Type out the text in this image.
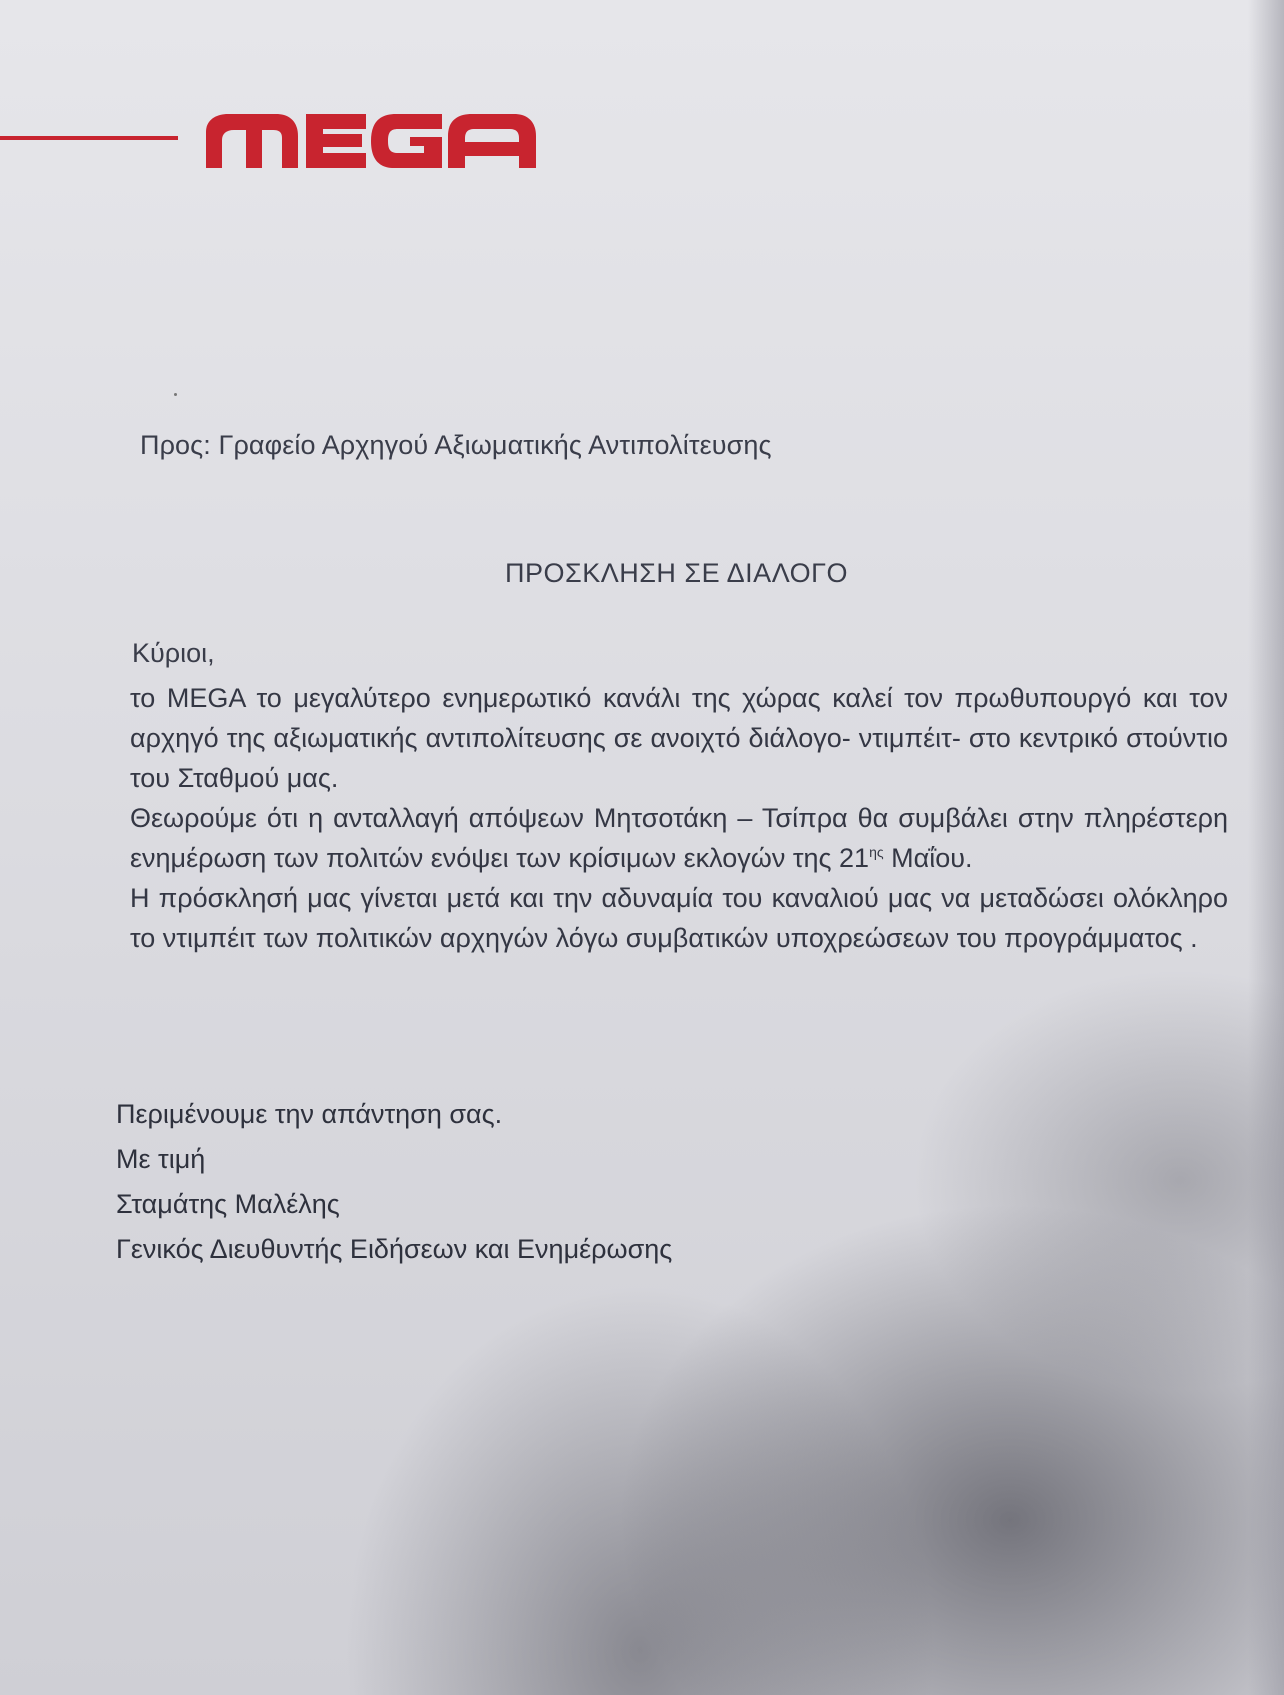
Προς: Γραφείο Αρχηγού Αξιωματικής Αντιπολίτευσης
ΠΡΟΣΚΛΗΣΗ ΣΕ ΔΙΑΛΟΓΟ
Κύριοι,

το MEGA το μεγαλύτερο ενημερωτικό κανάλι της χώρας καλεί τον πρωθυπουργό και τον αρχηγό της αξιωματικής αντιπολίτευσης σε ανοιχτό διάλογο- ντιμπέιτ- στο κεντρικό στούντιο του Σταθμού μας.

Θεωρούμε ότι η ανταλλαγή απόψεων Μητσοτάκη – Τσίπρα θα συμβάλει στην πληρέστερη ενημέρωση των πολιτών ενόψει των κρίσιμων εκλογών της $21^{\eta\varsigma}$ Μαΐου.

Η πρόσκλησή μας γίνεται μετά και την αδυναμία του καναλιού μας να μεταδώσει ολόκληρο το ντιμπέιτ των πολιτικών αρχηγών λόγω συμβατικών υποχρεώσεων του προγράμματος .

Περιμένουμε την απάντηση σας.
Με τιμή
Σταμάτης Μαλέλης
Γενικός Διευθυντής Ειδήσεων και Ενημέρωσης
